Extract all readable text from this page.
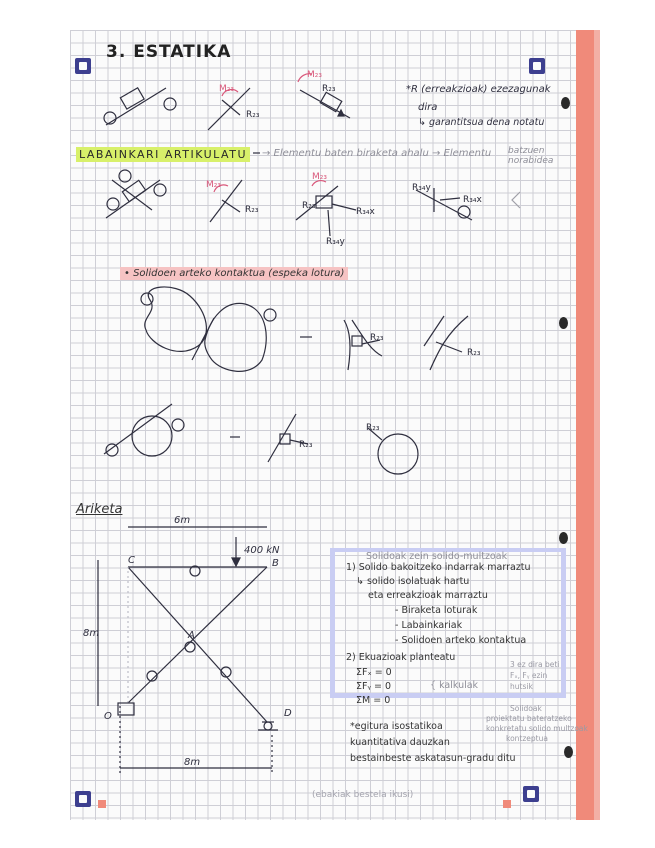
3. ESTATIKA
*R (erreakzioak) ezezagunak
dira
↳ garantitsua dena notatu
LABAINKARI ARTIKULATU	→ Elementu baten biraketa ahalu → Elementu batzuen
norabidea
• Solidoen arteko kontaktua (espeka lotura)
Ariketa
M₂₃
R₂₃
M₂₃
R₂₃
M₂₃
R₂₃
M₂₃
R₂₃
R₃₄x
R₃₄y
R₃₄y
R₃₄x
R₂₃
R₂₃
R₂₃
R₂₃
6m
400 kN
8m
8m
C	B
A
O	D
Solidoak zein solido-multzoak
1) Solido bakoitzeko indarrak marraztu
↳ solido isolatuak hartu
eta erreakzioak marraztu
- Biraketa loturak
- Labainkariak
- Solidoen arteko kontaktua
2) Ekuazioak planteatu
ΣFₓ = 0
ΣFᵧ = 0
ΣM = 0
{ kalkulak
3 ez dira beti
Fₓ, Fᵧ ezin
hutsik
Solidoak
proiektatu bateratzeko
konkretatu solido multzoak
kontzeptua
*egitura isostatikoa
kuantitativa dauzkan
bestainbeste askatasun-gradu ditu
(ebakiak bestela ikusi)
